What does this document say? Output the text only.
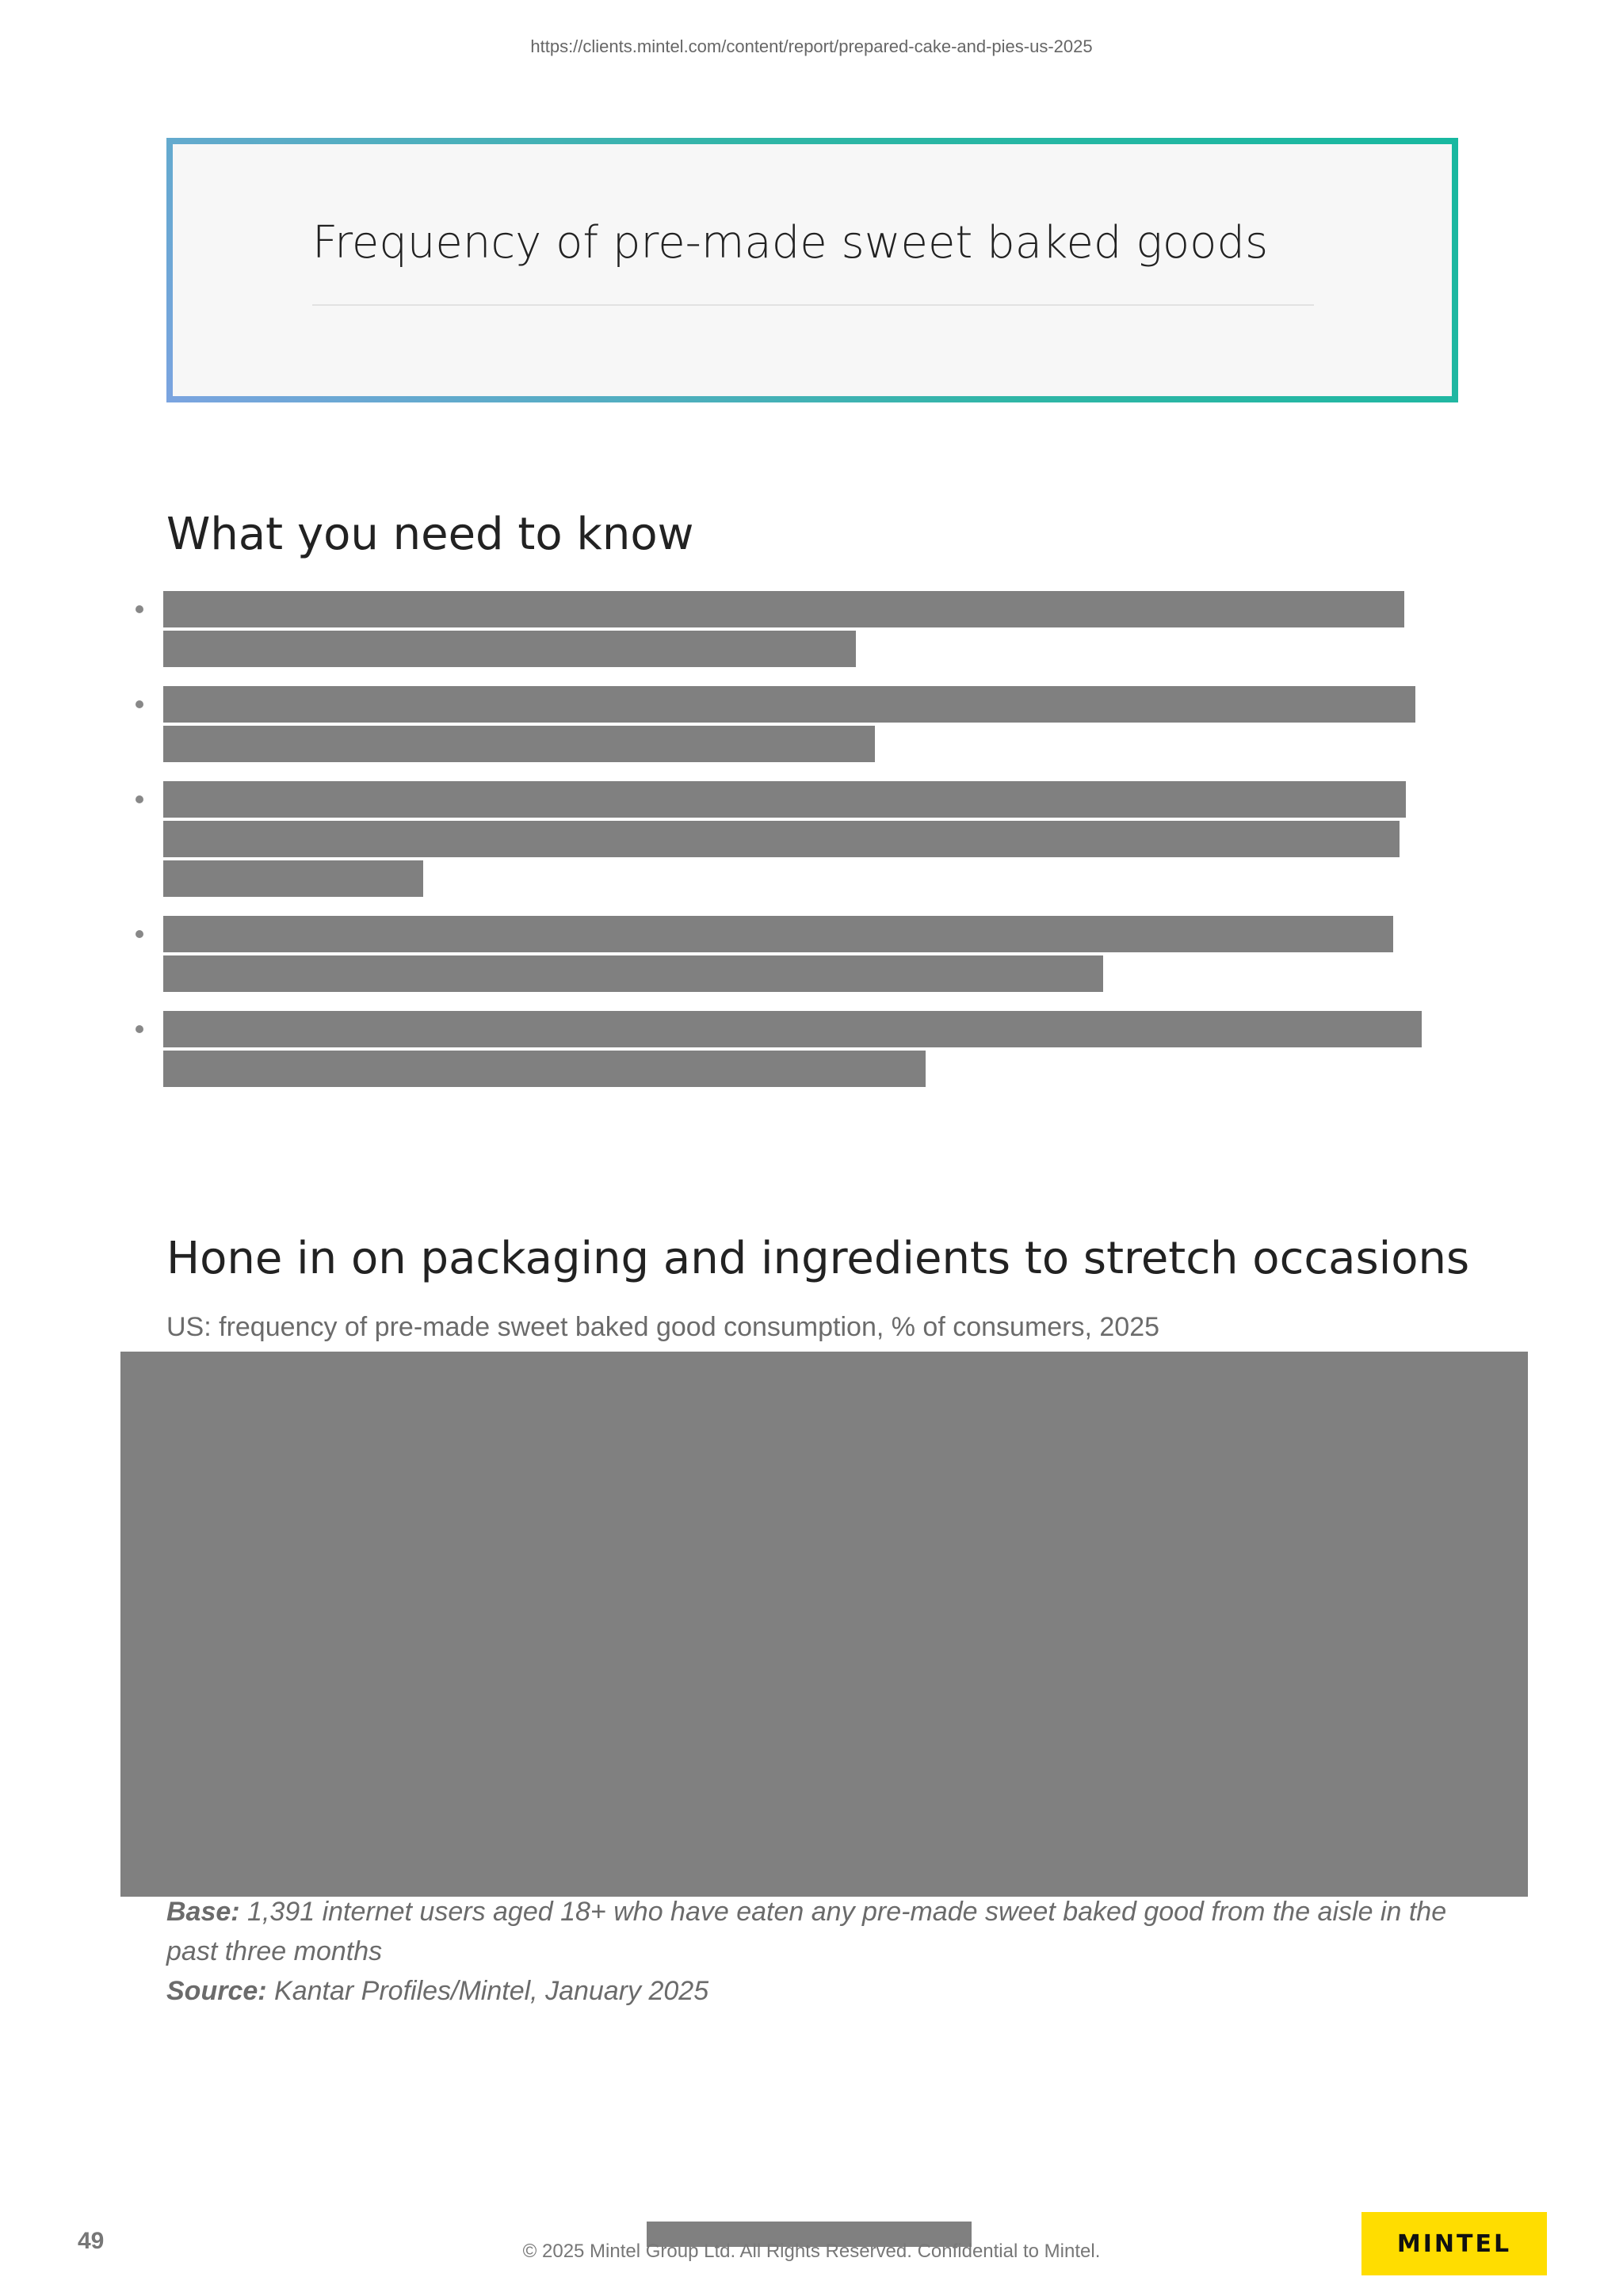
https://clients.mintel.com/content/report/prepared-cake-and-pies-us-2025
Frequency of pre-made sweet baked goods
What you need to know
Hone in on packaging and ingredients to stretch occasions
US: frequency of pre-made sweet baked good consumption, % of consumers, 2025
Base: 1,391 internet users aged 18+ who have eaten any pre-made sweet baked good from the aisle in the past three months
Source: Kantar Profiles/Mintel, January 2025
49	© 2025 Mintel Group Ltd. All Rights Reserved. Confidential to Mintel.	MINTEL
